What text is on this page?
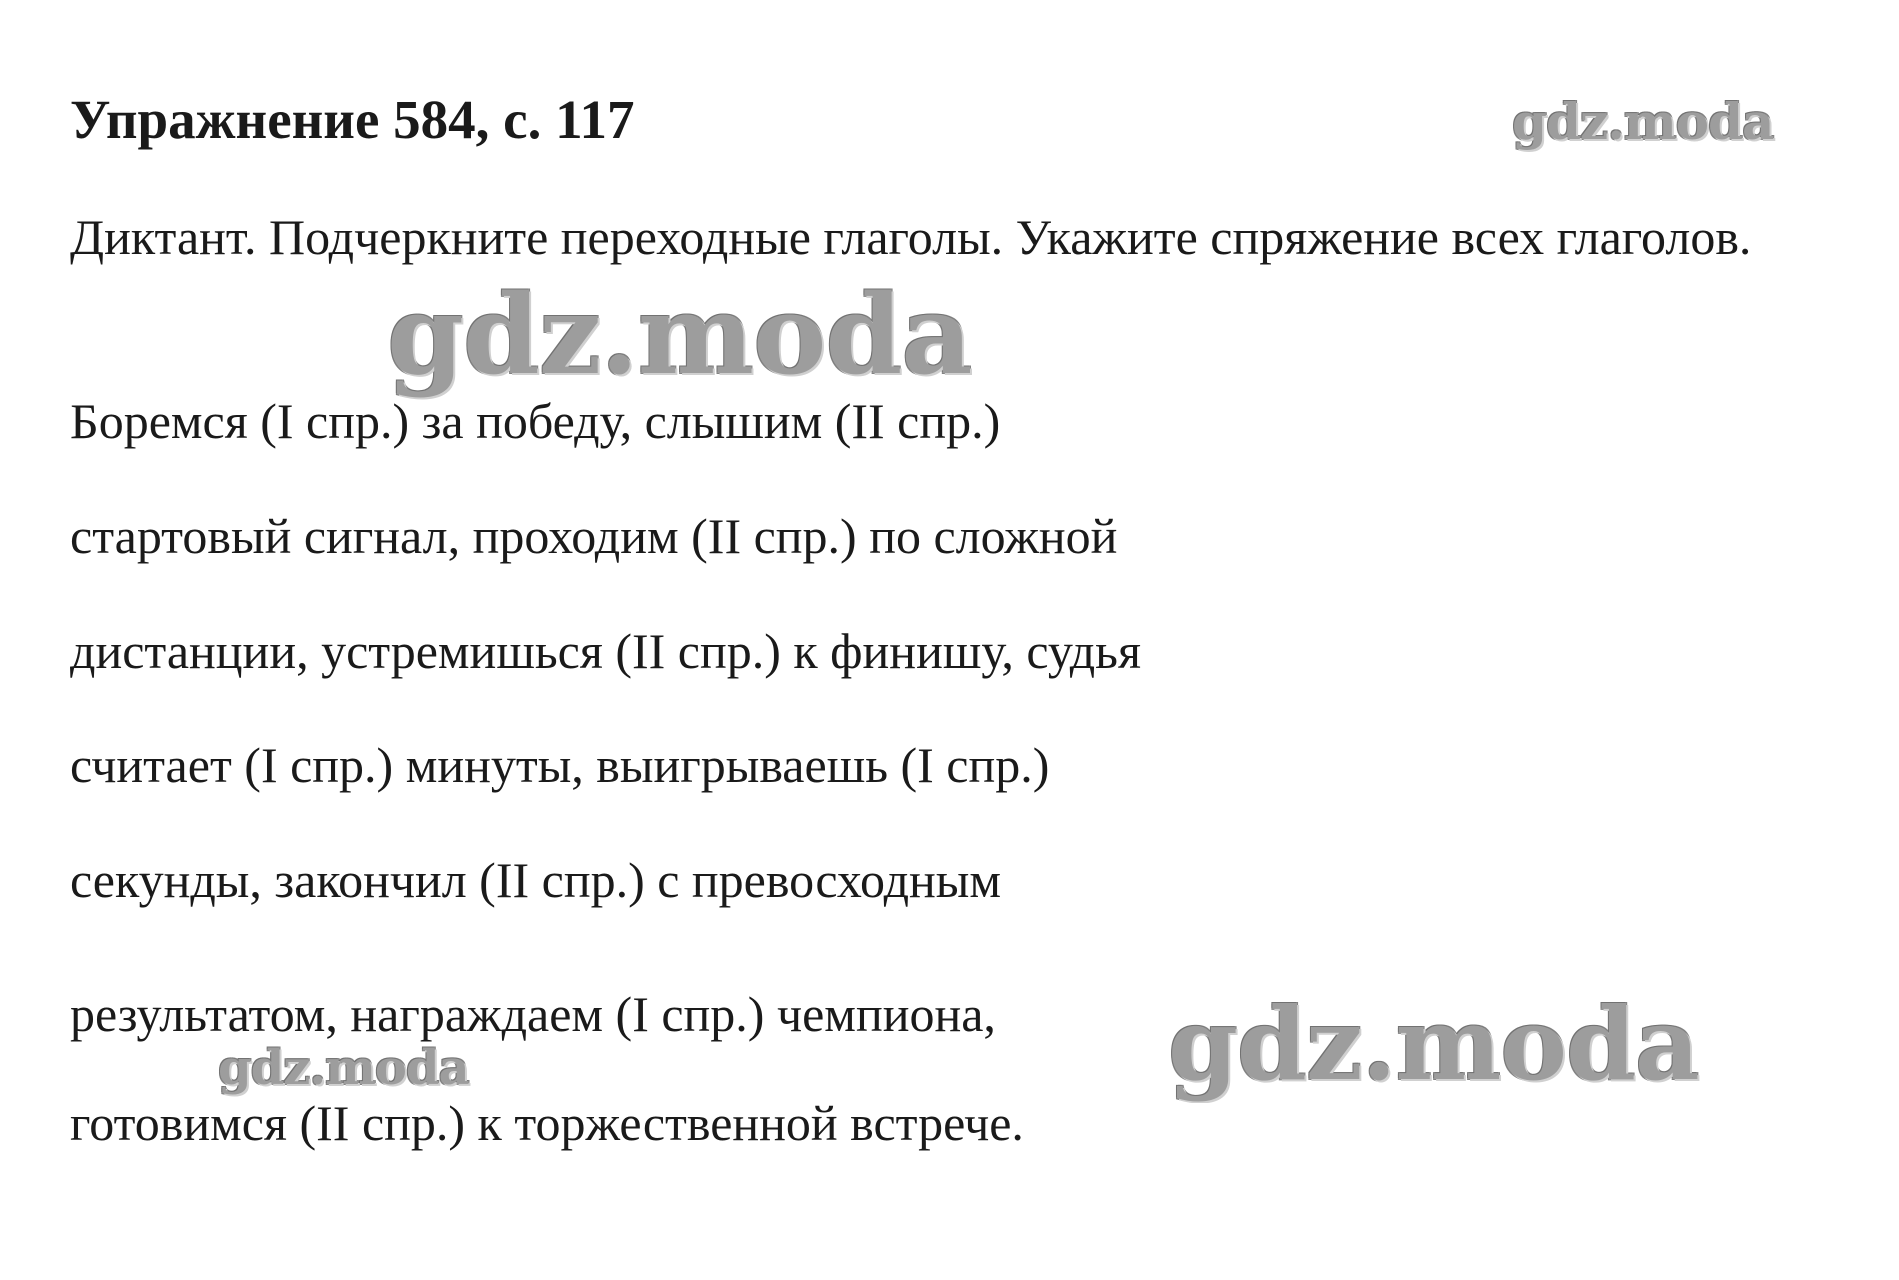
Упражнение 584, с. 117
Диктант. Подчеркните переходные глаголы. Укажите спряжение всех глаголов.
Боремся (I спр.) за победу, слышим (II спр.)
стартовый сигнал, проходим (II спр.) по сложной
дистанции, устремишься (II спр.) к финишу, судья
считает (I спр.) минуты, выигрываешь (I спр.)
секунды, закончил (II спр.) с превосходным
результатом, награждаем (I спр.) чемпиона,
готовимся (II спр.) к торжественной встрече.
gdz.moda
gdz.moda
gdz.moda
gdz.moda
